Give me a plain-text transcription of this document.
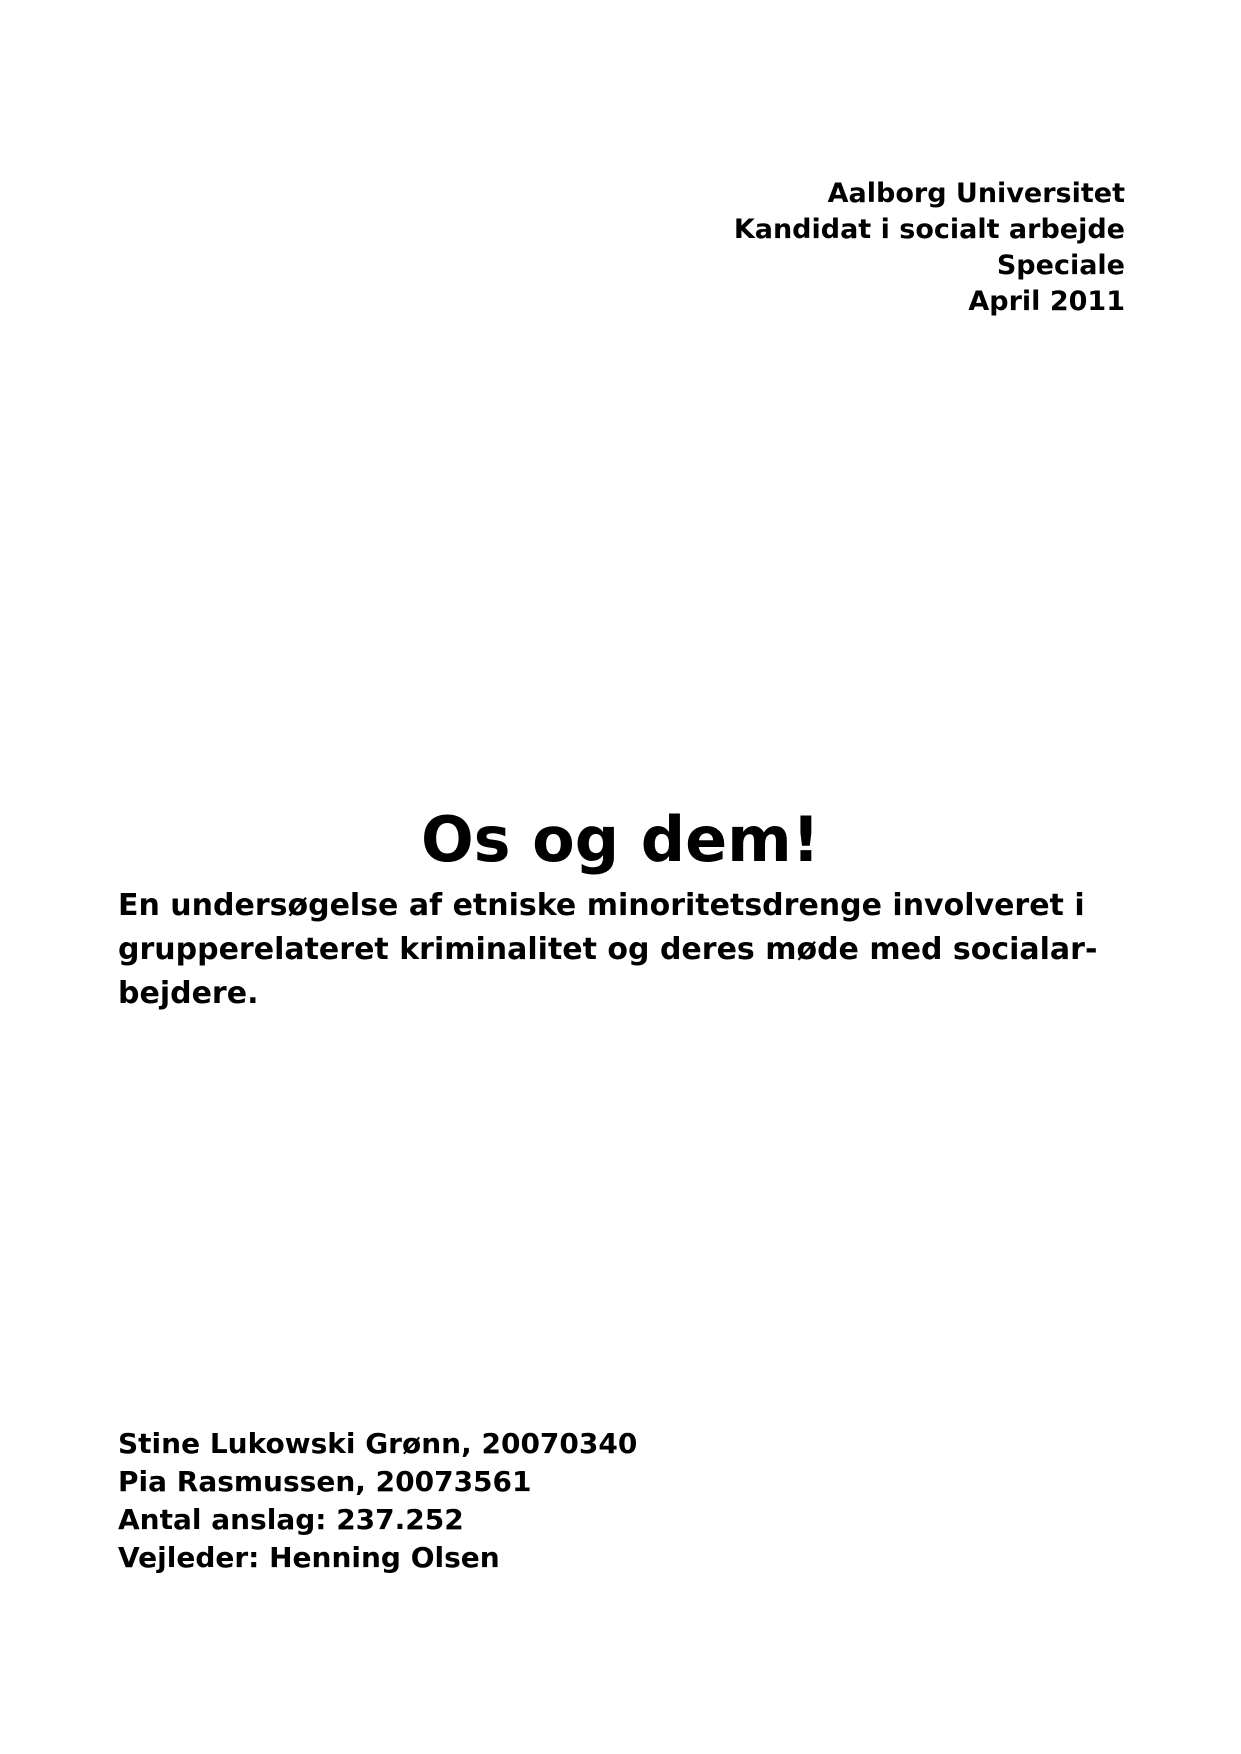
Aalborg Universitet
Kandidat i socialt arbejde
Speciale
April 2011
Os og dem!
En undersøgelse af etniske minoritetsdrenge involveret i
grupperelateret kriminalitet og deres møde med socialar-
bejdere.
Stine Lukowski Grønn, 20070340
Pia Rasmussen, 20073561
Antal anslag: 237.252
Vejleder: Henning Olsen
